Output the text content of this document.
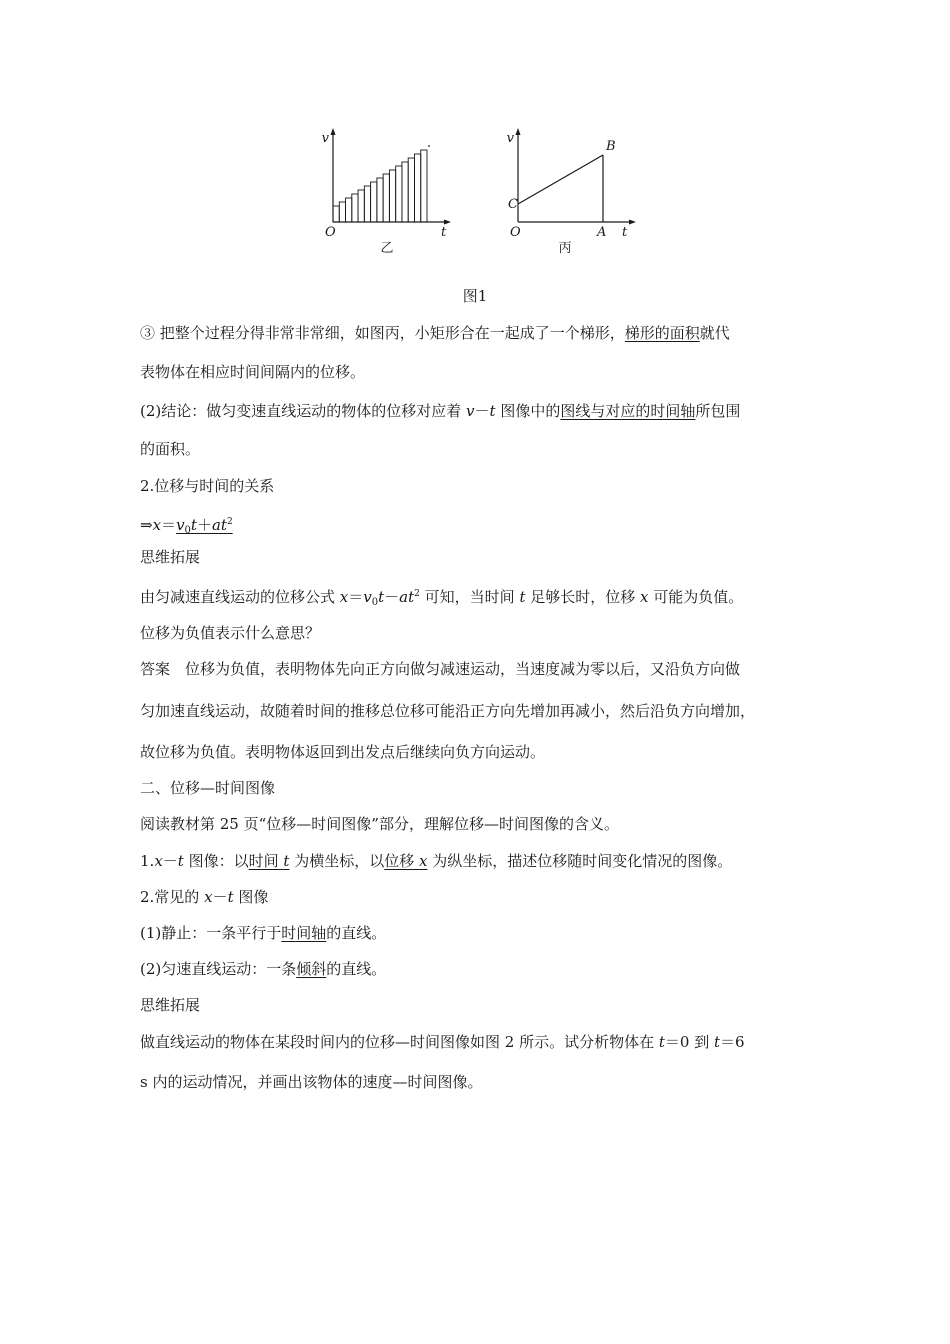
v
O	t
乙
v
C
B
O	A t
丙
图1
③ 把整个过程分得非常非常细，如图丙，小矩形合在一起成了一个梯形，梯形的面积就代
表物体在相应时间间隔内的位移。
(2)结论：做匀变速直线运动的物体的位移对应着 v－t 图像中的图线与对应的时间轴所包围
的面积。
2.位移与时间的关系
$\Rightarrow x=v_0t+at^2$
思维拓展
由匀减速直线运动的位移公式 $x=v_0t-at^2$ 可知，当时间 t 足够长时，位移 x 可能为负值。
位移为负值表示什么意思？
答案　位移为负值，表明物体先向正方向做匀减速运动，当速度减为零以后，又沿负方向做
匀加速直线运动，故随着时间的推移总位移可能沿正方向先增加再减小，然后沿负方向增加，
故位移为负值。表明物体返回到出发点后继续向负方向运动。
二、位移—时间图像
阅读教材第 25 页“位移—时间图像”部分，理解位移—时间图像的含义。
1.x－t 图像：以时间 t 为横坐标，以位移 x 为纵坐标，描述位移随时间变化情况的图像。
2.常见的 x－t 图像
(1)静止：一条平行于时间轴的直线。
(2)匀速直线运动：一条倾斜的直线。
思维拓展
做直线运动的物体在某段时间内的位移—时间图像如图 2 所示。试分析物体在 t＝0 到 t＝6
s 内的运动情况，并画出该物体的速度—时间图像。
